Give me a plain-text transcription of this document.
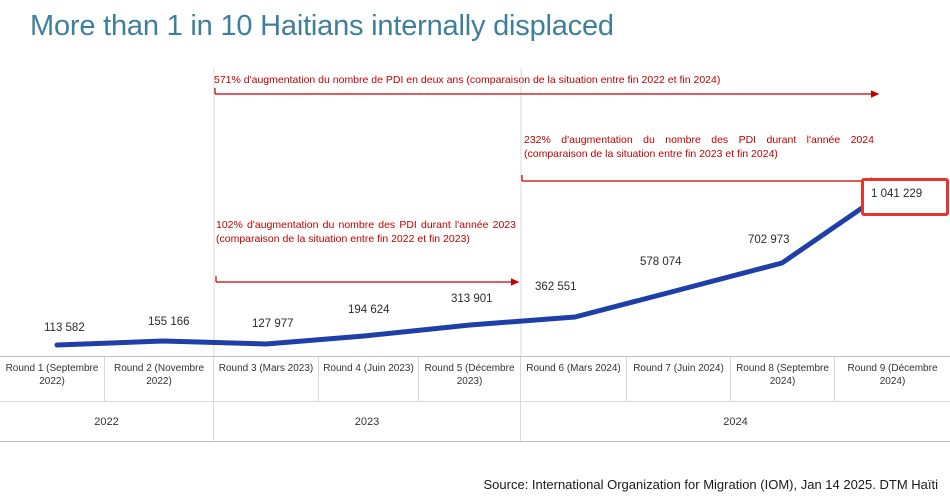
More than 1 in 10 Haitians internally displaced
571% d'augmentation du nombre de PDI en deux ans (comparaison de la situation entre fin 2022 et fin 2024)
232% d'augmentation du nombre des PDI durant l'année 2024 (comparaison de la situation entre fin 2023 et fin 2024)
102% d'augmentation du nombre des PDI durant l'année 2023 (comparaison de la situation entre fin 2022 et fin 2023)
113 582	155 166	127 977
194 624
313 901
362 551
578 074
702 973
1 041 229
Round 1 (Septembre 2022)
Round 2 (Novembre 2022)
Round 3 (Mars 2023) Round 4 (Juin 2023)	Round 5 (Décembre 2023)
Round 6 (Mars 2024)	Round 7 (Juin 2024)	Round 8 (Septembre 2024)
Round 9 (Décembre 2024)
2022	2023	2024
Source: International Organization for Migration (IOM), Jan 14 2025. DTM Haïti
